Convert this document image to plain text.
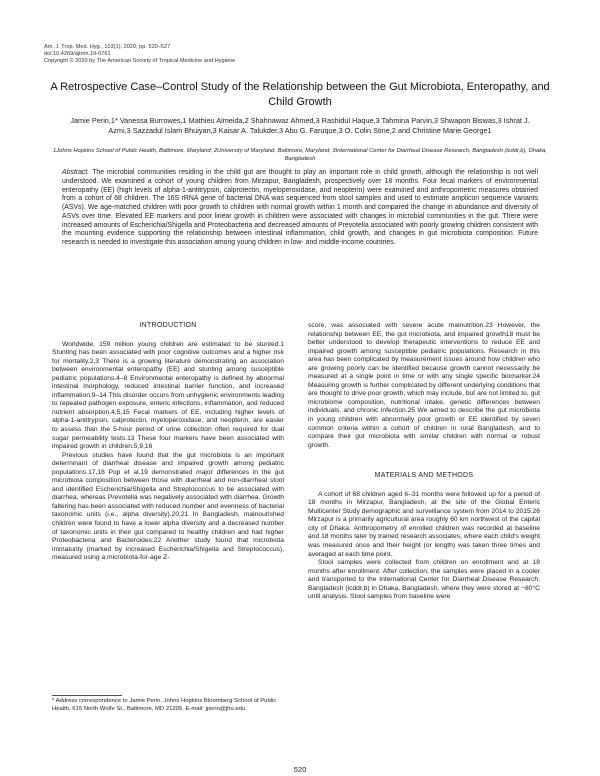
Am. J. Trop. Med. Hyg., 103(1), 2020, pp. 520–527
doi:10.4269/ajtmh.19-0761
Copyright © 2020 by The American Society of Tropical Medicine and Hygiene
A Retrospective Case–Control Study of the Relationship between the Gut Microbiota, Enteropathy, and Child Growth
Jamie Perin,1* Vanessa Burrowes,1 Mathieu Almeida,2 Shahnawaz Ahmed,3 Rashidul Haque,3 Tahmina Parvin,3 Shwapon Biswas,3 Ishrat J. Azmi,3 Sazzadul Islam Bhuiyan,3 Kaisar A. Talukder,3 Abu G. Faruque,3 O. Colin Stine,2 and Christine Marie George1
1Johns Hopkins School of Public Health, Baltimore, Maryland; 2University of Maryland, Baltimore, Maryland; 3International Center for Diarrheal Disease Research, Bangladesh (icddr,b), Dhaka, Bangladesh
Abstract. The microbial communities residing in the child gut are thought to play an important role in child growth, although the relationship is not well understood. We examined a cohort of young children from Mirzapur, Bangladesh, prospectively over 18 months. Four fecal markers of environmental enteropathy (EE) (high levels of alpha-1-antitrypsin, calprotectin, myeloperoxidase, and neopterin) were examined and anthropometric measures obtained from a cohort of 68 children. The 16S rRNA gene of bacterial DNA was sequenced from stool samples and used to estimate amplicon sequence variants (ASVs). We age-matched children with poor growth to children with normal growth within 1 month and compared the change in abundance and diversity of ASVs over time. Elevated EE markers and poor linear growth in children were associated with changes in microbial communities in the gut. There were increased amounts of Escherichia/Shigella and Proteobacteria and decreased amounts of Prevotella associated with poorly growing children consistent with the mounting evidence supporting the relationship between intestinal inflammation, child growth, and changes in gut microbiota composition. Future research is needed to investigate this association among young children in low- and middle-income countries.
INTRODUCTION

Worldwide, 159 million young children are estimated to be stunted.1 Stunting has been associated with poor cognitive outcomes and a higher risk for mortality.2,3 There is a growing literature demonstrating an association between environmental enteropathy (EE) and stunting among susceptible pediatric populations.4–8 Environmental enteropathy is defined by abnormal intestinal morphology, reduced intestinal barrier function, and increased inflammation.9–14 This disorder occurs from unhygienic environments leading to repeated pathogen exposure, enteric infections, inflammation, and reduced nutrient absorption.4,5,15 Fecal markers of EE, including higher levels of alpha-1-antitrypsin, calprotectin, myeloperoxidase, and neopterin, are easier to assess than the 5-hour period of urine collection often required for dual sugar permeability tests.13 These four markers have been associated with impaired growth in children.5,9,16

Previous studies have found that the gut microbiota is an important determinant of diarrheal disease and impaired growth among pediatric populations.17,18 Pop et al.19 demonstrated major differences in the gut microbiota composition between those with diarrheal and non-diarrheal stool and identified Escherichia/Shigella and Streptococcus to be associated with diarrhea, whereas Prevotella was negatively associated with diarrhea. Growth faltering has been associated with reduced number and evenness of bacterial taxonomic units (i.e., alpha diversity).20,21 In Bangladesh, malnourished children were found to have a lower alpha diversity and a decreased number of taxonomic units in their gut compared to healthy children and had higher Proteobacteria and Bacteroides.22 Another study found that microbiota immaturity (marked by increased Escherichia/Shigella and Streptococcus), measured using a microbiota-for-age Z-

score, was associated with severe acute malnutrition.23 However, the relationship between EE, the gut microbiota, and impaired growth18 must be better understood to develop therapeutic interventions to reduce EE and impaired growth among susceptible pediatric populations. Research in this area has been complicated by measurement issues around how children who are growing poorly can be identified because growth cannot necessarily be measured at a single point in time or with any single specific biomarker.24 Measuring growth is further complicated by different underlying conditions that are thought to drive poor growth, which may include, but are not limited to, gut microbiome composition, nutritional intake, genetic differences between individuals, and chronic infection.25 We aimed to describe the gut microbiota in young children with abnormally poor growth or EE identified by seven common criteria within a cohort of children in rural Bangladesh, and to compare their gut microbiota with similar children with normal or robust growth.

MATERIALS AND METHODS

A cohort of 68 children aged 6–31 months were followed up for a period of 18 months in Mirzapur, Bangladesh, at the site of the Global Enteric Multicenter Study demographic and surveillance system from 2014 to 2015.26 Mirzapur is a primarily agricultural area roughly 60 km northwest of the capital city of Dhaka. Anthropometry of enrolled children was recorded at baseline and 18 months later by trained research associates, where each child's weight was measured once and their height (or length) was taken three times and averaged at each time point.

Stool samples were collected from children on enrollment and at 18 months after enrollment. After collection, the samples were placed in a cooler and transported to the International Center for Diarrheal Disease Research, Bangladesh (icddr,b) in Dhaka, Bangladesh, where they were stored at −80°C until analysis. Stool samples from baseline were

* Address correspondence to Jamie Perin, Johns Hopkins Bloomberg School of Public Health, 615 North Wolfe St., Baltimore, MD 21205. E-mail: jperin@jhu.edu
520
